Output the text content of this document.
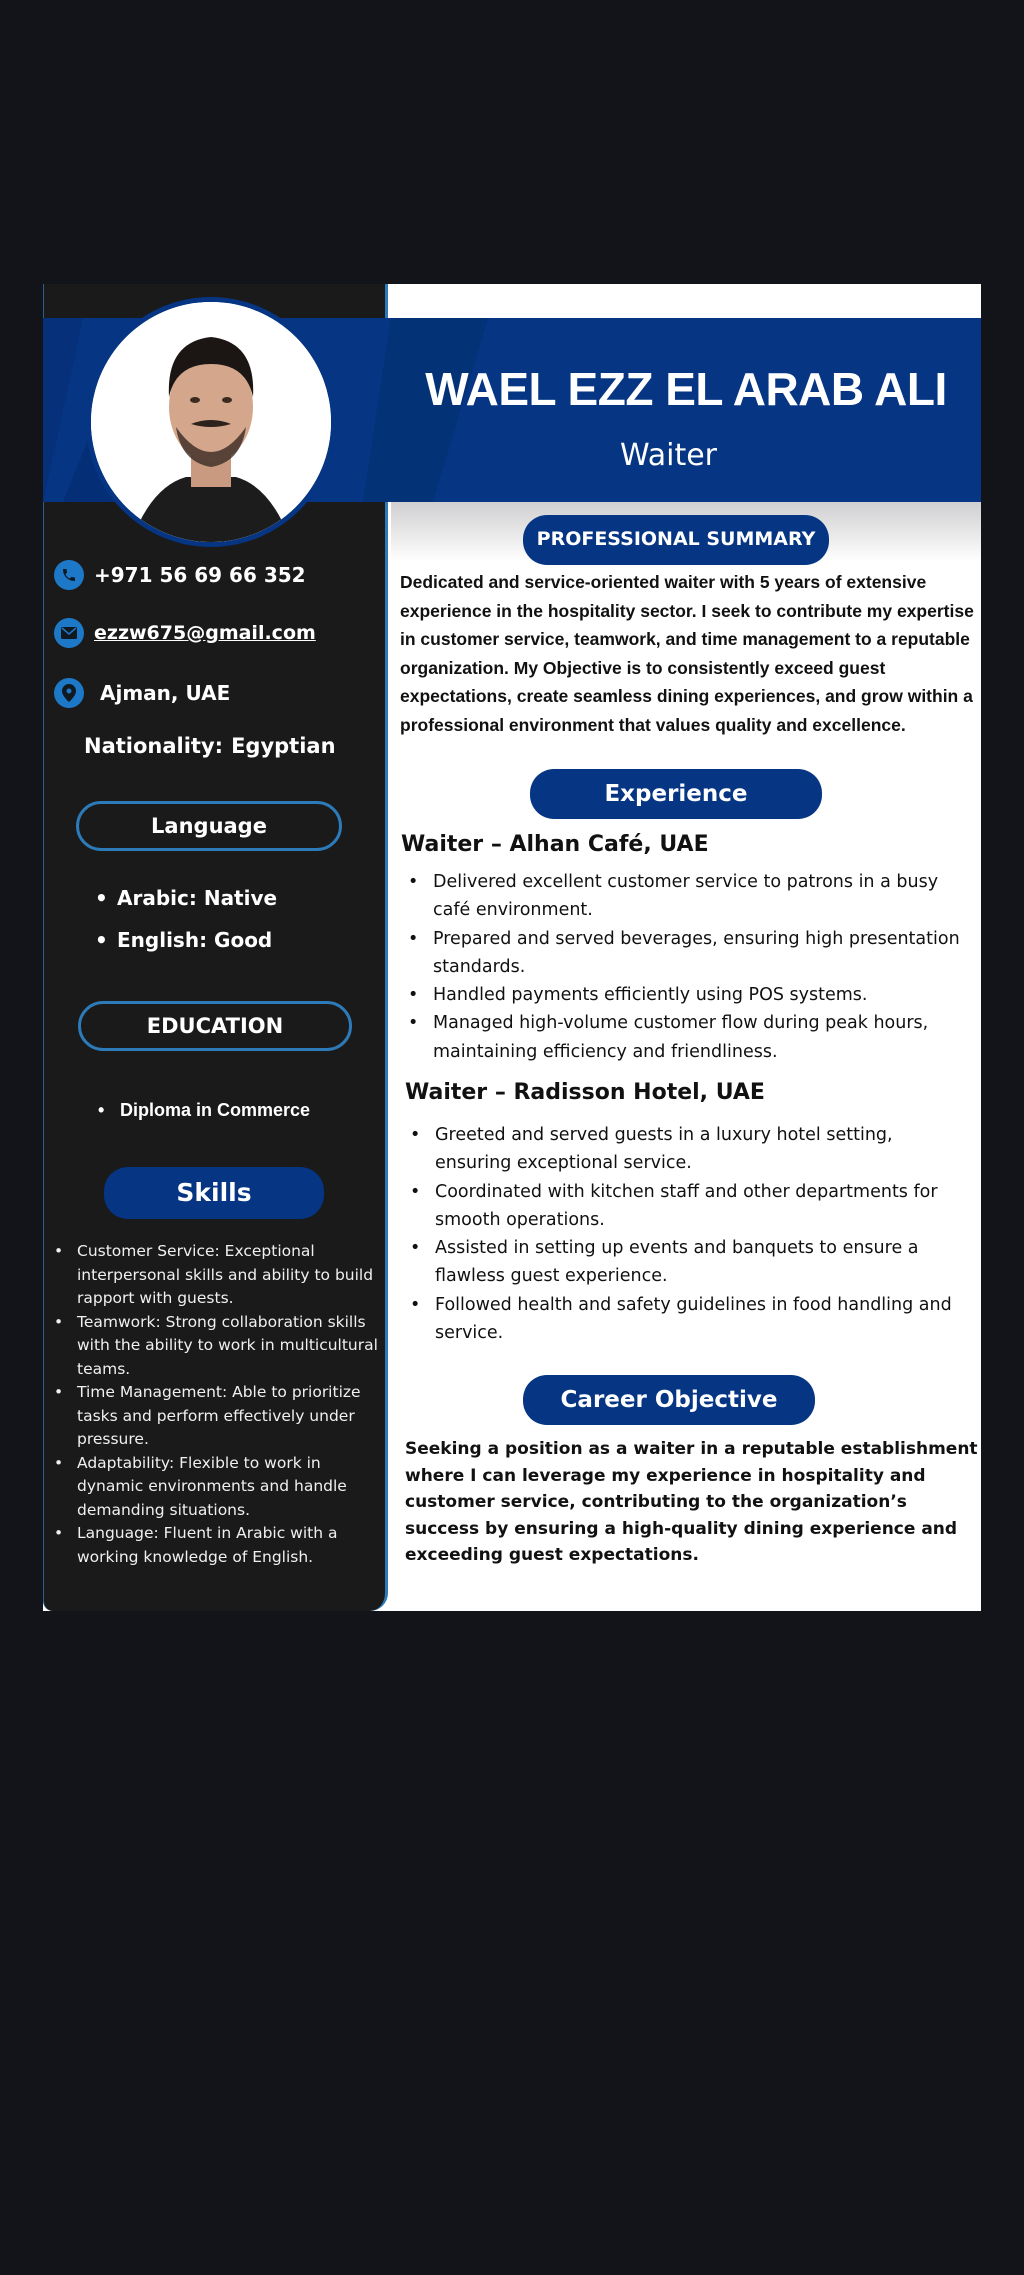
WAEL EZZ EL ARAB ALI
Waiter
+971 56 69 66 352
ezzw675@gmail.com
Ajman, UAE
Nationality: Egyptian
Language
• Arabic: Native
• English: Good
EDUCATION
• Diploma in Commerce
Skills
• Customer Service: Exceptional interpersonal skills and ability to build rapport with guests.
• Teamwork: Strong collaboration skills with the ability to work in multicultural teams.
• Time Management: Able to prioritize tasks and perform effectively under pressure.
• Adaptability: Flexible to work in dynamic environments and handle demanding situations.
• Language: Fluent in Arabic with a working knowledge of English.
PROFESSIONAL SUMMARY
Dedicated and service-oriented waiter with 5 years of extensive experience in the hospitality sector. I seek to contribute my expertise in customer service, teamwork, and time management to a reputable organization. My Objective is to consistently exceed guest expectations, create seamless dining experiences, and grow within a professional environment that values quality and excellence.
Experience
Waiter – Alhan Café, UAE
• Delivered excellent customer service to patrons in a busy café environment.
• Prepared and served beverages, ensuring high presentation standards.
• Handled payments efficiently using POS systems.
• Managed high-volume customer flow during peak hours, maintaining efficiency and friendliness.
Waiter – Radisson Hotel, UAE
• Greeted and served guests in a luxury hotel setting, ensuring exceptional service.
• Coordinated with kitchen staff and other departments for smooth operations.
• Assisted in setting up events and banquets to ensure a flawless guest experience.
• Followed health and safety guidelines in food handling and service.
Career Objective
Seeking a position as a waiter in a reputable establishment where I can leverage my experience in hospitality and customer service, contributing to the organization’s success by ensuring a high-quality dining experience and exceeding guest expectations.
